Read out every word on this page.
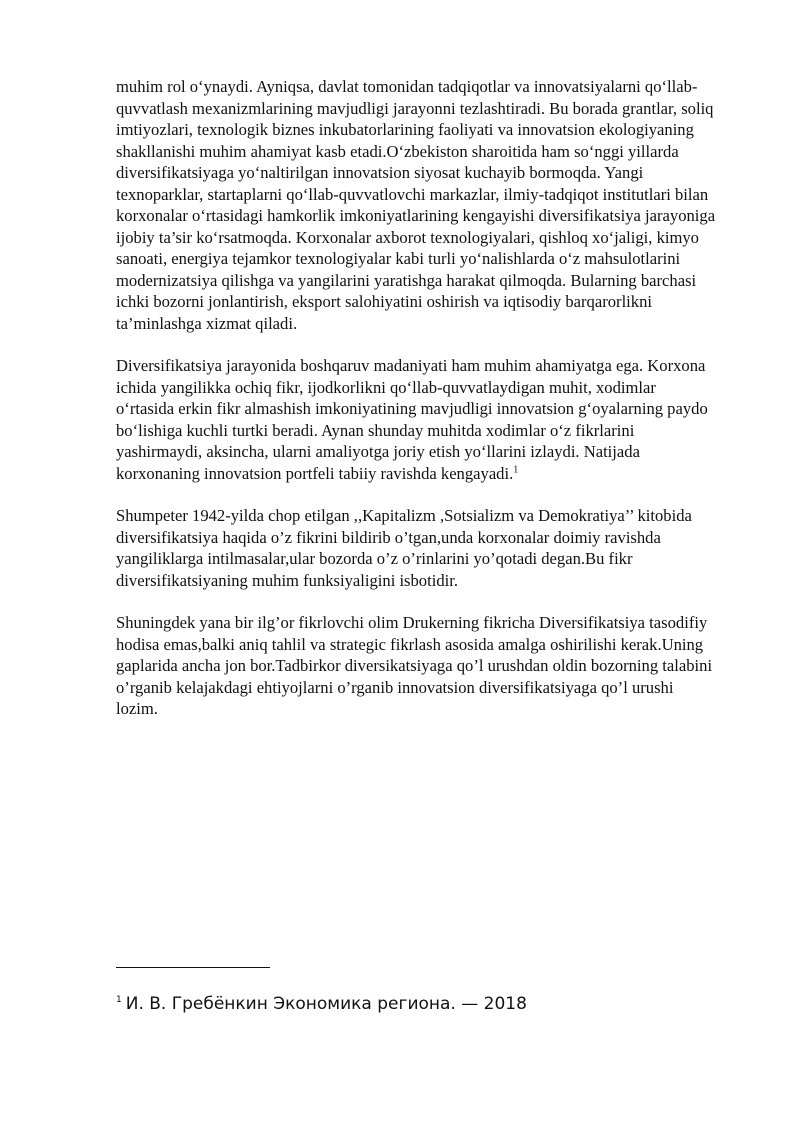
muhim rol o‘ynaydi. Ayniqsa, davlat tomonidan tadqiqotlar va innovatsiyalarni qo‘llab-quvvatlash mexanizmlarining mavjudligi jarayonni tezlashtiradi. Bu borada grantlar, soliq imtiyozlari, texnologik biznes inkubatorlarining faoliyati va innovatsion ekologiyaning shakllanishi muhim ahamiyat kasb etadi.O‘zbekiston sharoitida ham so‘nggi yillarda diversifikatsiyaga yo‘naltirilgan innovatsion siyosat kuchayib bormoqda. Yangi texnoparklar, startaplarni qo‘llab-quvvatlovchi markazlar, ilmiy-tadqiqot institutlari bilan korxonalar o‘rtasidagi hamkorlik imkoniyatlarining kengayishi diversifikatsiya jarayoniga ijobiy ta’sir ko‘rsatmoqda. Korxonalar axborot texnologiyalari, qishloq xo‘jaligi, kimyo sanoati, energiya tejamkor texnologiyalar kabi turli yo‘nalishlarda o‘z mahsulotlarini modernizatsiya qilishga va yangilarini yaratishga harakat qilmoqda. Bularning barchasi ichki bozorni jonlantirish, eksport salohiyatini oshirish va iqtisodiy barqarorlikni ta’minlashga xizmat qiladi.

Diversifikatsiya jarayonida boshqaruv madaniyati ham muhim ahamiyatga ega. Korxona ichida yangilikka ochiq fikr, ijodkorlikni qo‘llab-quvvatlaydigan muhit, xodimlar o‘rtasida erkin fikr almashish imkoniyatining mavjudligi innovatsion g‘oyalarning paydo bo‘lishiga kuchli turtki beradi. Aynan shunday muhitda xodimlar o‘z fikrlarini yashirmaydi, aksincha, ularni amaliyotga joriy etish yo‘llarini izlaydi. Natijada korxonaning innovatsion portfeli tabiiy ravishda kengayadi.$^1$

Shumpeter 1942-yilda chop etilgan ,,Kapitalizm ,Sotsializm va Demokratiya’’ kitobida diversifikatsiya haqida o’z fikrini bildirib o’tgan,unda korxonalar doimiy ravishda yangiliklarga intilmasalar,ular bozorda o’z o’rinlarini yo’qotadi degan.Bu fikr diversifikatsiyaning muhim funksiyaligini isbotidir.

Shuningdek yana bir ilg’or fikrlovchi olim Drukerning fikricha Diversifikatsiya tasodifiy hodisa emas,balki aniq tahlil va strategic fikrlash asosida amalga oshirilishi kerak.Uning gaplarida ancha jon bor.Tadbirkor diversikatsiyaga qo’l urushdan oldin bozorning talabini o’rganib kelajakdagi ehtiyojlarni o’rganib innovatsion diversifikatsiyaga qo’l urushi lozim.

$^1$ И. В. Гребёнкин Экономика региона. — 2018
